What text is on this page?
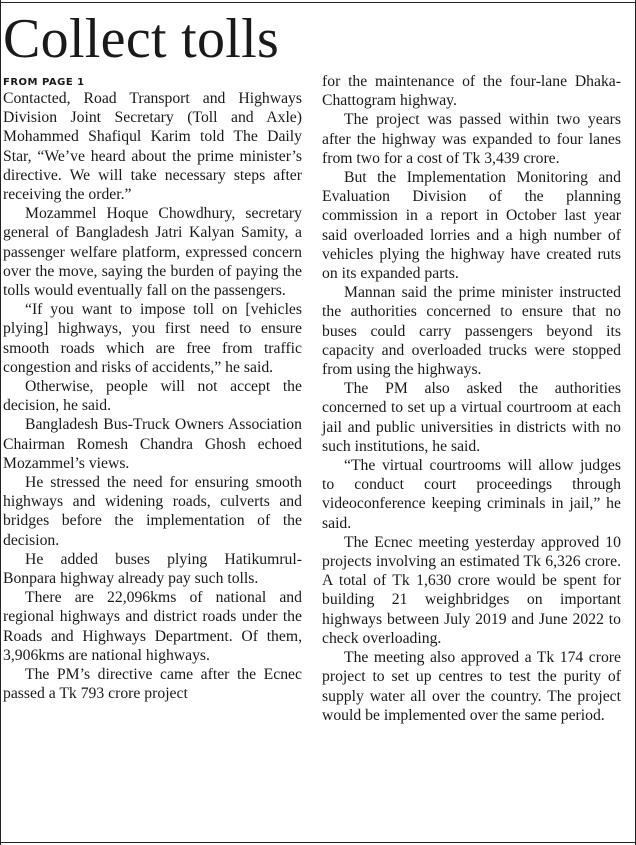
Collect tolls
FROM PAGE 1

Contacted, Road Transport and Highways Division Joint Secretary (Toll and Axle) Mohammed Shafiqul Karim told The Daily Star, “We’ve heard about the prime minister’s directive. We will take necessary steps after receiving the order.”

Mozammel Hoque Chowdhury, secretary general of Bangladesh Jatri Kalyan Samity, a passenger welfare platform, expressed concern over the move, saying the burden of paying the tolls would eventually fall on the passengers.

“If you want to impose toll on [vehicles plying] highways, you first need to ensure smooth roads which are free from traffic congestion and risks of accidents,” he said.

Otherwise, people will not accept the decision, he said.

Bangladesh Bus-Truck Owners Association Chairman Romesh Chandra Ghosh echoed Mozammel’s views.

He stressed the need for ensuring smooth highways and widening roads, culverts and bridges before the implementation of the decision.

He added buses plying Hatikumrul-Bonpara highway already pay such tolls.

There are 22,096kms of national and regional highways and district roads under the Roads and Highways Department. Of them, 3,906kms are national highways.

The PM’s directive came after the Ecnec passed a Tk 793 crore project

for the maintenance of the four-lane Dhaka-Chattogram highway.

The project was passed within two years after the highway was expanded to four lanes from two for a cost of Tk 3,439 crore.

But the Implementation Monitoring and Evaluation Division of the planning commission in a report in October last year said overloaded lorries and a high number of vehicles plying the highway have created ruts on its expanded parts.

Mannan said the prime minister instructed the authorities concerned to ensure that no buses could carry passengers beyond its capacity and overloaded trucks were stopped from using the highways.

The PM also asked the authorities concerned to set up a virtual courtroom at each jail and public universities in districts with no such institutions, he said.

“The virtual courtrooms will allow judges to conduct court proceedings through videoconference keeping criminals in jail,” he said.

The Ecnec meeting yesterday approved 10 projects involving an estimated Tk 6,326 crore. A total of Tk 1,630 crore would be spent for building 21 weighbridges on important highways between July 2019 and June 2022 to check overloading.

The meeting also approved a Tk 174 crore project to set up centres to test the purity of supply water all over the country. The project would be implemented over the same period.
